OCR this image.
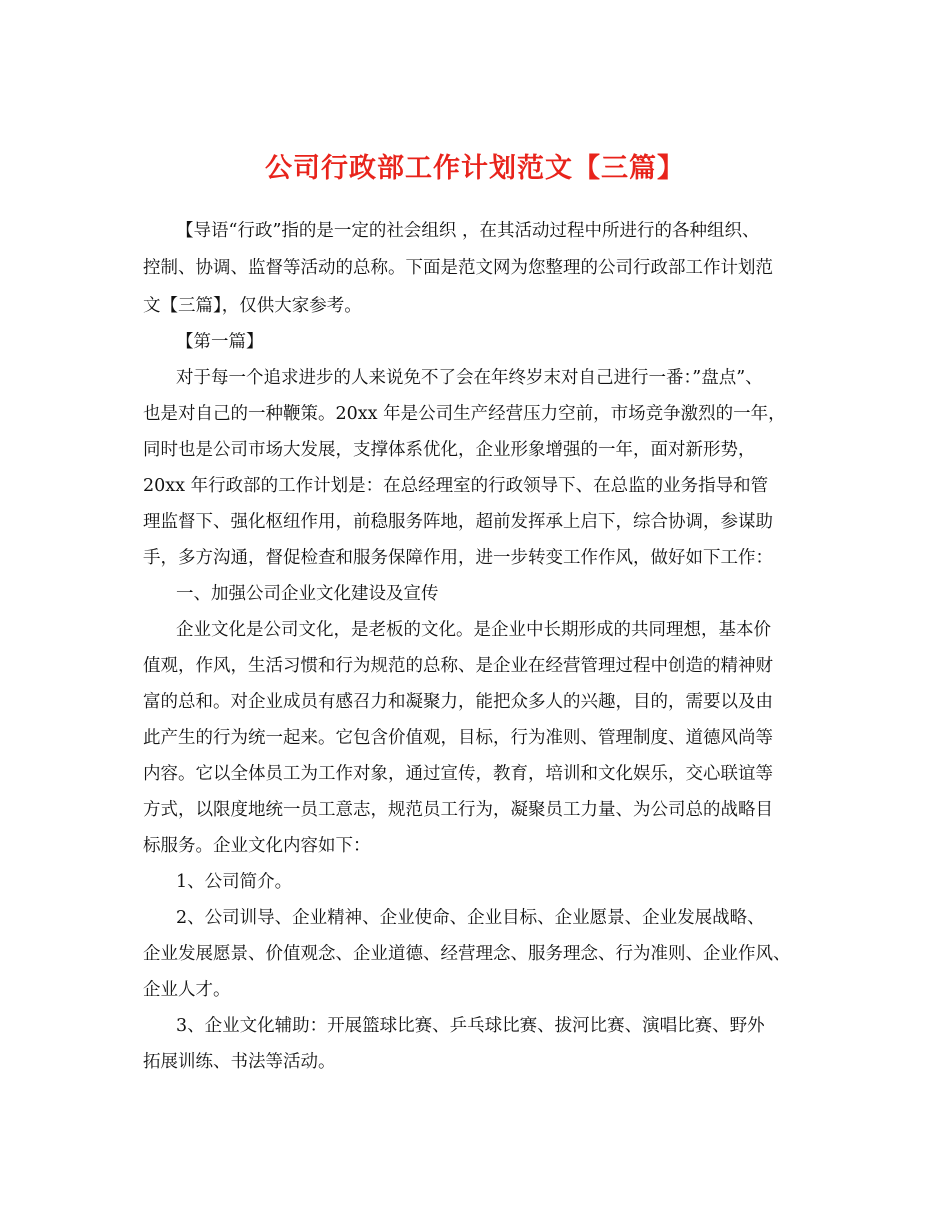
公司行政部工作计划范文【三篇】
【导语“行政”指的是一定的社会组织 ，在其活动过程中所进行的各种组织、
控制、协调、监督等活动的总称。下面是范文网为您整理的公司行政部工作计划范
文【三篇】，仅供大家参考。
【第一篇】
对于每一个追求进步的人来说免不了会在年终岁末对自己进行一番：”盘点”、
也是对自己的一种鞭策。20xx 年是公司生产经营压力空前，市场竞争激烈的一年，
同时也是公司市场大发展，支撑体系优化，企业形象增强的一年，面对新形势，
20xx 年行政部的工作计划是：在总经理室的行政领导下、在总监的业务指导和管
理监督下、强化枢纽作用，前稳服务阵地，超前发挥承上启下，综合协调，参谋助
手，多方沟通，督促检查和服务保障作用，进一步转变工作作风，做好如下工作：
一、加强公司企业文化建设及宣传
企业文化是公司文化，是老板的文化。是企业中长期形成的共同理想，基本价
值观，作风，生活习惯和行为规范的总称、是企业在经营管理过程中创造的精神财
富的总和。对企业成员有感召力和凝聚力，能把众多人的兴趣，目的，需要以及由
此产生的行为统一起来。它包含价值观，目标，行为准则、管理制度、道德风尚等
内容。它以全体员工为工作对象，通过宣传，教育，培训和文化娱乐，交心联谊等
方式，以限度地统一员工意志，规范员工行为，凝聚员工力量、为公司总的战略目
标服务。企业文化内容如下：
1、公司简介。
2、公司训导、企业精神、企业使命、企业目标、企业愿景、企业发展战略、
企业发展愿景、价值观念、企业道德、经营理念、服务理念、行为准则、企业作风、
企业人才。
3、企业文化辅助：开展篮球比赛、乒乓球比赛、拔河比赛、演唱比赛、野外
拓展训练、书法等活动。
